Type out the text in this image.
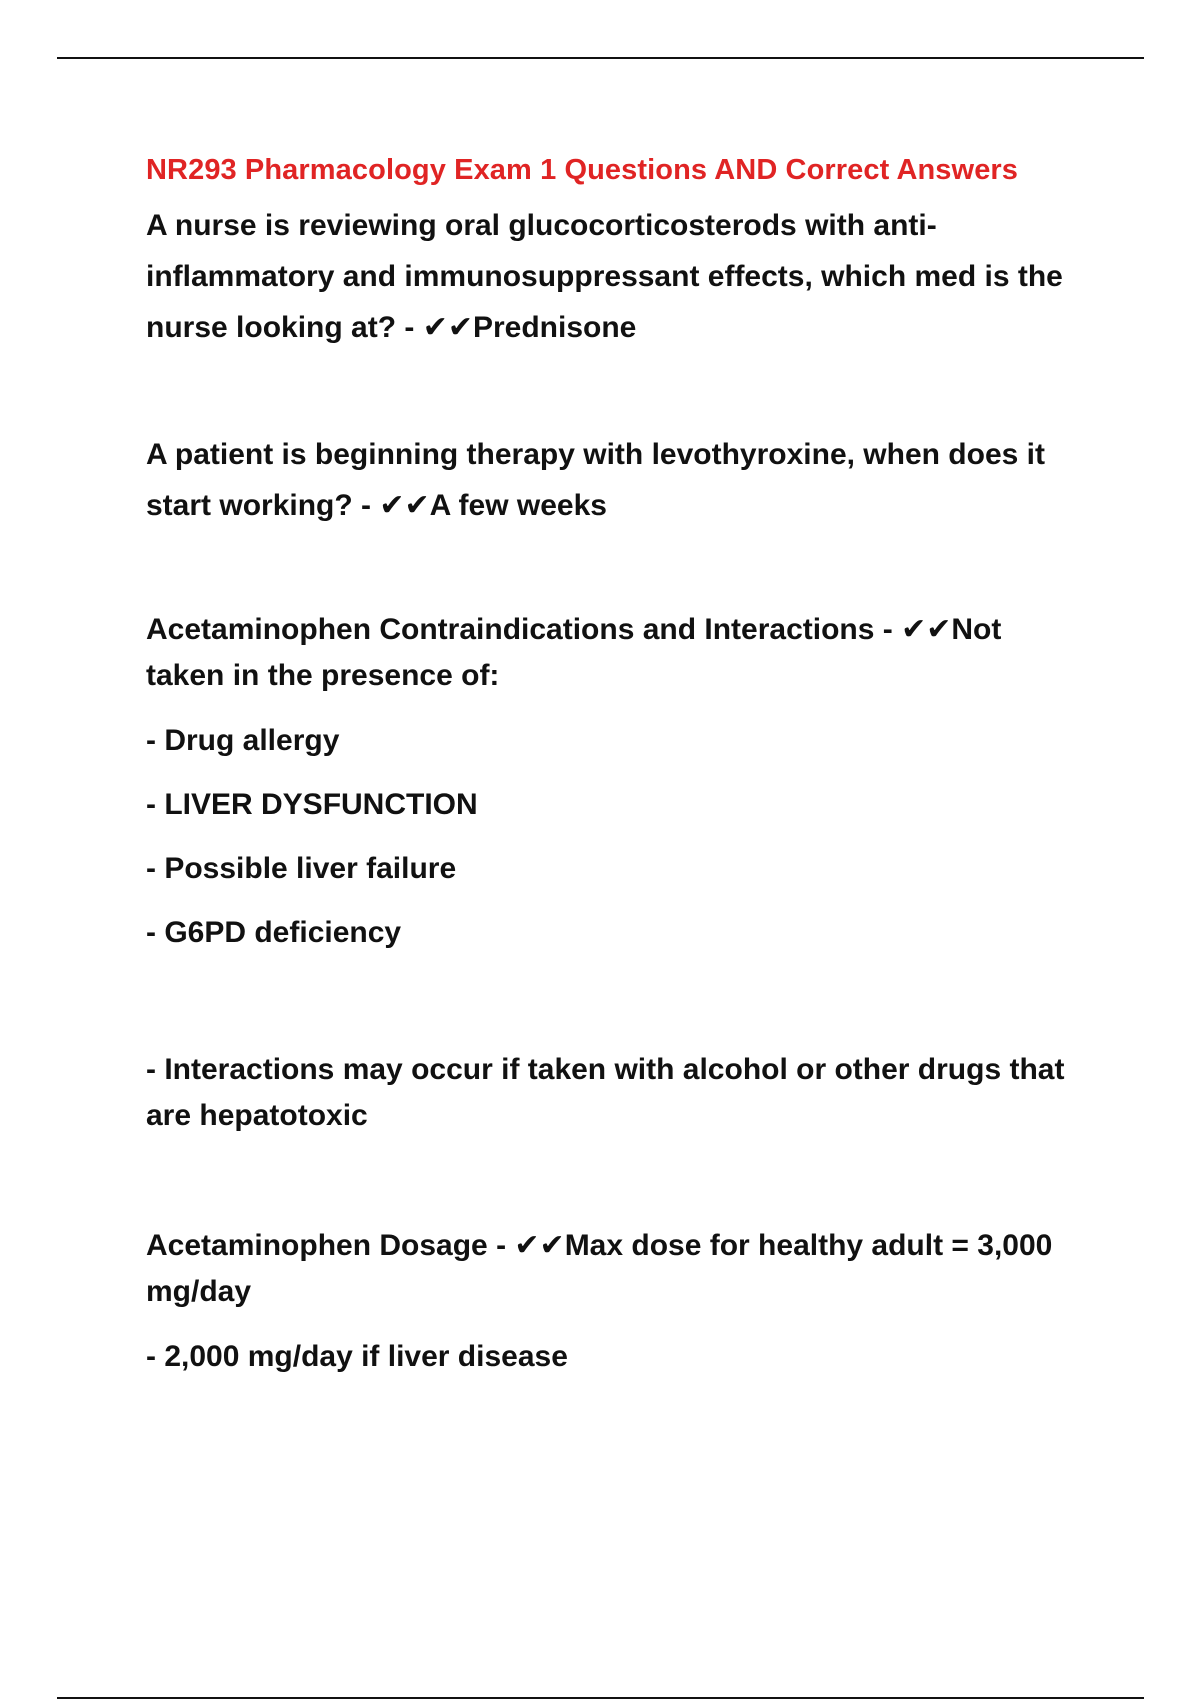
NR293 Pharmacology Exam 1 Questions AND Correct Answers

A nurse is reviewing oral glucocorticosterods with anti-inflammatory and immunosuppressant effects, which med is the nurse looking at? - ✔✔Prednisone

A patient is beginning therapy with levothyroxine, when does it start working? - ✔✔A few weeks

Acetaminophen Contraindications and Interactions - ✔✔Not taken in the presence of:

- Drug allergy

- LIVER DYSFUNCTION

- Possible liver failure

- G6PD deficiency

- Interactions may occur if taken with alcohol or other drugs that are hepatotoxic

Acetaminophen Dosage - ✔✔Max dose for healthy adult = 3,000 mg/day

- 2,000 mg/day if liver disease
